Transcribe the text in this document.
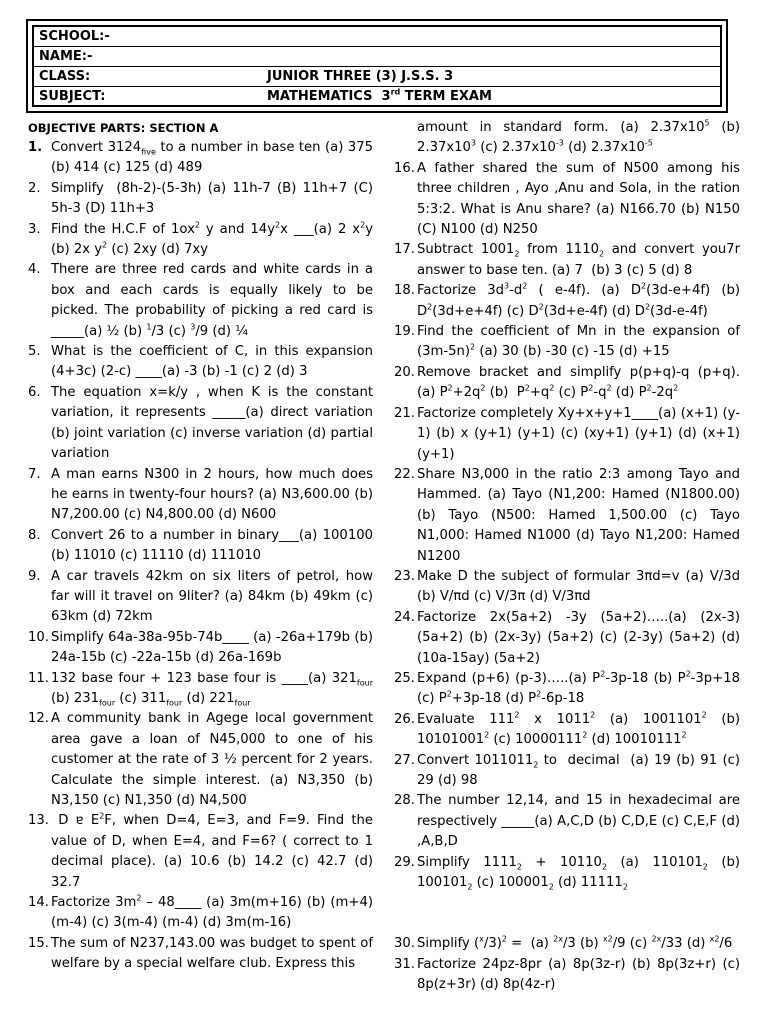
SCHOOL:-
NAME:-
CLASS:	JUNIOR THREE (3) J.S.S. 3
SUBJECT:	MATHEMATICS  3rd TERM EXAM

OBJECTIVE PARTS: SECTION A

1. Convert $3124_{five}$ to a number in base ten (a) 375 (b) 414 (c) 125 (d) 489
2. Simplify  (8h-2)-(5-3h) (a) 11h-7 (B) 11h+7 (C) 5h-3 (D) 11h+3
3. Find the H.C.F of $1ox^2$ y and $14y^2x$ ___(a) 2 $x^2y$ (b) 2x $y^2$ (c) 2xy (d) 7xy
4. There are three red cards and white cards in a box and each cards is equally likely to be picked. The probability of picking a red card is _____(a) ½ (b) $^1$/3 (c) $^3$/9 (d) ¼
5. What is the coefficient of C, in this expansion (4+3c) (2-c) ____(a) -3 (b) -1 (c) 2 (d) 3
6. The equation x=k/y , when K is the constant variation, it represents _____(a) direct variation (b) joint variation (c) inverse variation (d) partial variation
7. A man earns N300 in 2 hours, how much does he earns in twenty-four hours? (a) N3,600.00 (b) N7,200.00 (c) N4,800.00 (d) N600
8. Convert 26 to a number in binary___(a) 100100 (b) 11010 (c) 11110 (d) 111010
9. A car travels 42km on six liters of petrol, how far will it travel on 9liter? (a) 84km (b) 49km (c) 63km (d) 72km
10. Simplify 64a-38a-95b-74b____ (a) -26a+179b (b) 24a-15b (c) -22a-15b (d) 26a-169b
11. 132 base four + 123 base four is ____(a) $321_{four}$ (b) $231_{four}$ (c) $311_{four}$ (d) $221_{four}$
12. A community bank in Agege local government area gave a loan of N45,000 to one of his customer at the rate of 3 ½ percent for 2 years. Calculate the simple interest. (a) N3,350 (b) N3,150 (c) N1,350 (d) N4,500
13. D ɐ $E^2F$, when D=4, E=3, and F=9. Find the value of D, when E=4, and F=6? ( correct to 1 decimal place). (a) 10.6 (b) 14.2 (c) 42.7 (d) 32.7
14. Factorize $3m^2$ – 48____ (a) 3m(m+16) (b) (m+4) (m-4) (c) 3(m-4) (m-4) (d) 3m(m-16)
15. The sum of N237,143.00 was budget to spent of welfare by a special welfare club. Express this
amount in standard form. (a) $2.37x10^5$ (b) $2.37x10^3$ (c) $2.37x10^{-3}$ (d) $2.37x10^{-5}$
16. A father shared the sum of N500 among his three children , Ayo ,Anu and Sola, in the ration 5:3:2. What is Anu share? (a) N166.70 (b) N150 (C) N100 (d) N250
17. Subtract $1001_2$ from $1110_2$ and convert you7r answer to base ten. (a) 7  (b) 3 (c) 5 (d) 8
18. Factorize $3d^3-d^2$ ( e-4f). (a) $D^2(3d-e+4f)$ (b) $D^2(3d+e+4f)$ (c) $D^2(3d+e-4f)$ (d) $D^2(3d-e-4f)$
19. Find the coefficient of Mn in the expansion of $(3m-5n)^2$ (a) 30 (b) -30 (c) -15 (d) +15
20. Remove bracket and simplify p(p+q)-q (p+q). (a) $P^2+2q^2$ (b)  $P^2+q^2$ (c) $P^2-q^2$ (d) $P^2-2q^2$
21. Factorize completely Xy+x+y+1____(a) (x+1) (y-1) (b) x (y+1) (y+1) (c) (xy+1) (y+1) (d) (x+1) (y+1)
22. Share N3,000 in the ratio 2:3 among Tayo and Hammed. (a) Tayo (N1,200: Hamed (N1800.00) (b) Tayo (N500: Hamed 1,500.00 (c) Tayo N1,000: Hamed N1000 (d) Tayo N1,200: Hamed N1200
23. Make D the subject of formular 3πd=v (a) V/3d (b) V/πd (c) V/3π (d) V/3πd
24. Factorize 2x(5a+2) -3y (5a+2)…..(a) (2x-3) (5a+2) (b) (2x-3y) (5a+2) (c) (2-3y) (5a+2) (d) (10a-15ay) (5a+2)
25. Expand (p+6) (p-3)…..(a) $P^2-3p-18$ (b) $P^2-3p+18$ (c) $P^2+3p-18$ (d) $P^2-6p-18$
26. Evaluate $111^2$ x 1011$^2$ (a) 1001101$^2$ (b) 10101001$^2$ (c) 10000111$^2$ (d) 10010111$^2$
27. Convert $1011011_2$ to  decimal  (a) 19 (b) 91 (c) 29 (d) 98
28. The number 12,14, and 15 in hexadecimal are respectively _____(a) A,C,D (b) C,D,E (c) C,E,F (d) ,A,B,D
29. Simplify $1111_2 + 10110_2$ (a) $110101_2$ (b) $100101_2$ (c) $100001_2$ (d) $11111_2$
30. Simplify $(^x/3)^2 = (a)$ $^{2x}$/3 (b) $^{x2}$/9 (c) $^{2x}$/33 (d) $^{x2}$/6
31. Factorize 24pz-8pr (a) 8p(3z-r) (b) 8p(3z+r) (c) 8p(z+3r) (d) 8p(4z-r)
